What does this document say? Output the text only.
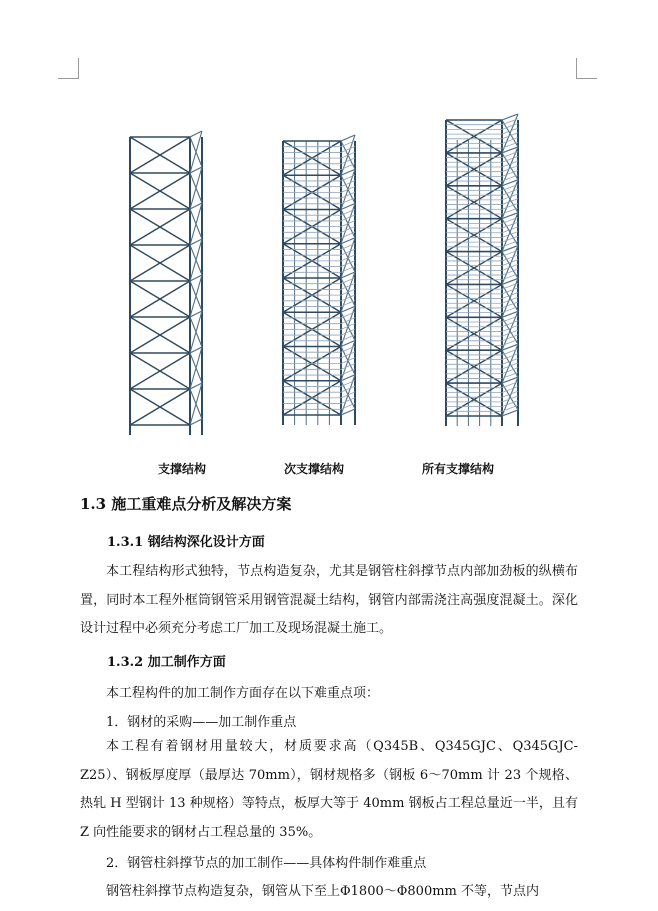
支撑结构	次支撑结构	所有支撑结构
1.3 施工重难点分析及解决方案
1.3.1 钢结构深化设计方面
本工程结构形式独特，节点构造复杂，尤其是钢管柱斜撑节点内部加劲板的纵横布置，同时本工程外框筒钢管采用钢管混凝土结构，钢管内部需浇注高强度混凝土。深化设计过程中必须充分考虑工厂加工及现场混凝土施工。
1.3.2 加工制作方面
本工程构件的加工制作方面存在以下难重点项：
1．钢材的采购——加工制作重点
本工程有着钢材用量较大，材质要求高（Q345B、Q345GJC、Q345GJC-Z25）、钢板厚度厚（最厚达 70mm），钢材规格多（钢板 6～70mm 计 23 个规格、热轧 H 型钢计 13 种规格）等特点，板厚大等于 40mm 钢板占工程总量近一半，且有 Z 向性能要求的钢材占工程总量的 35%。
2．钢管柱斜撑节点的加工制作——具体构件制作难重点
钢管柱斜撑节点构造复杂，钢管从下至上Φ1800～Φ800mm 不等，节点内
